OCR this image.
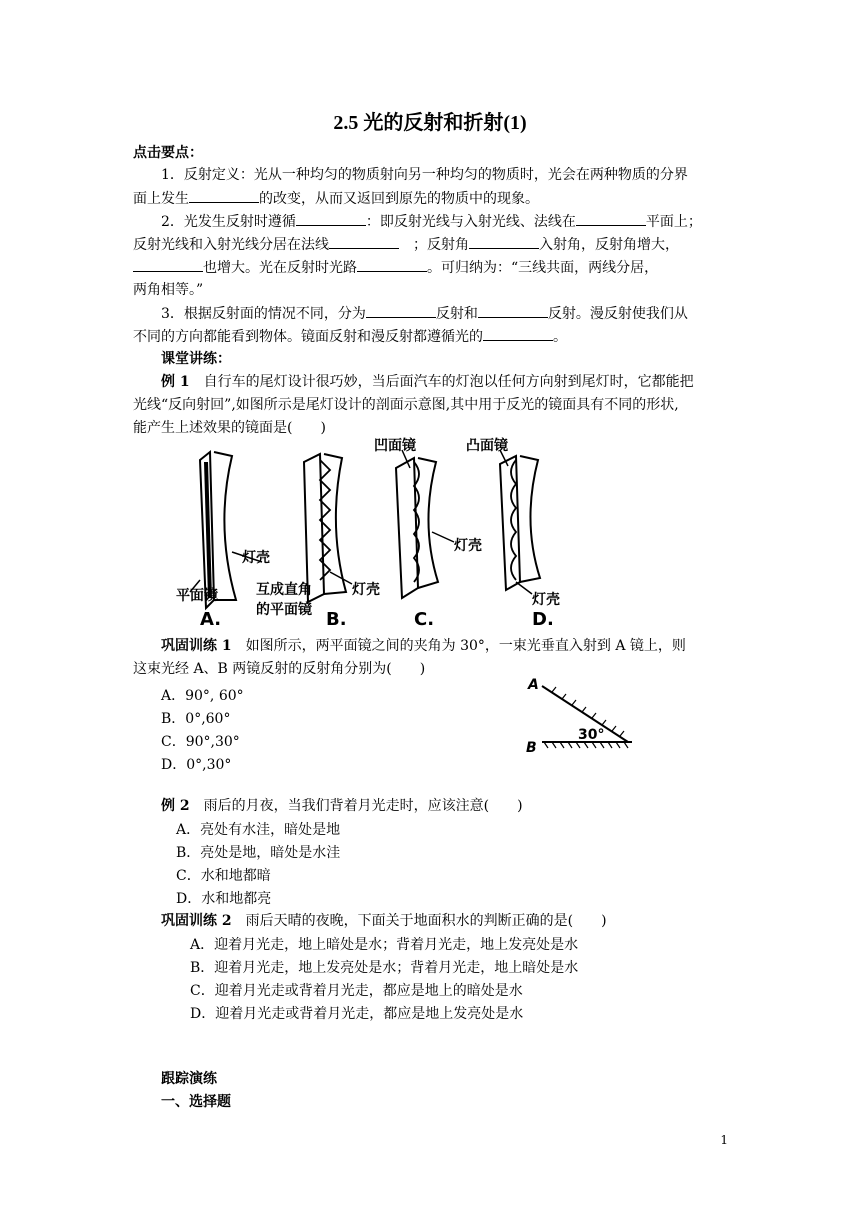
2.5 光的反射和折射(1)
点击要点：
1．反射定义：光从一种均匀的物质射向另一种均匀的物质时，光会在两种物质的分界
面上发生	的改变，从而又返回到原先的物质中的现象。
2．光发生反射时遵循	：即反射光线与入射光线、法线在	平面上；
反射光线和入射光线分居在法线　	；反射角	入射角，反射角增大，
也增大。光在反射时光路	。可归纳为：“三线共面，两线分居，
两角相等。”
3．根据反射面的情况不同，分为	反射和	反射。漫反射使我们从
不同的方向都能看到物体。镜面反射和漫反射都遵循光的	。
课堂讲练：
例 1　自行车的尾灯设计很巧妙，当后面汽车的灯泡以任何方向射到尾灯时，它都能把
光线“反向射回”,如图所示是尾灯设计的剖面示意图,其中用于反光的镜面具有不同的形状,
能产生上述效果的镜面是(　　)
灯壳
平面镜
A.
互成直角
的平面镜 B.
灯壳
凹面镜
灯壳
C.
凸面镜
灯壳
D.
巩固训练 1　如图所示，两平面镜之间的夹角为 30°，一束光垂直入射到 A 镜上，则
这束光经 A、B 两镜反射的反射角分别为(　　)
A．90°, 60°
B．0°,60°
C．90°,30°
D．0°,30°
A
B
30°
例 2　雨后的月夜，当我们背着月光走时，应该注意(　　)
A．亮处有水洼，暗处是地
B．亮处是地，暗处是水洼
C．水和地都暗
D．水和地都亮
巩固训练 2　雨后天晴的夜晚，下面关于地面积水的判断正确的是(　　)
A．迎着月光走，地上暗处是水；背着月光走，地上发亮处是水
B．迎着月光走，地上发亮处是水；背着月光走，地上暗处是水
C．迎着月光走或背着月光走，都应是地上的暗处是水
D．迎着月光走或背着月光走，都应是地上发亮处是水
跟踪演练
一、选择题
1
